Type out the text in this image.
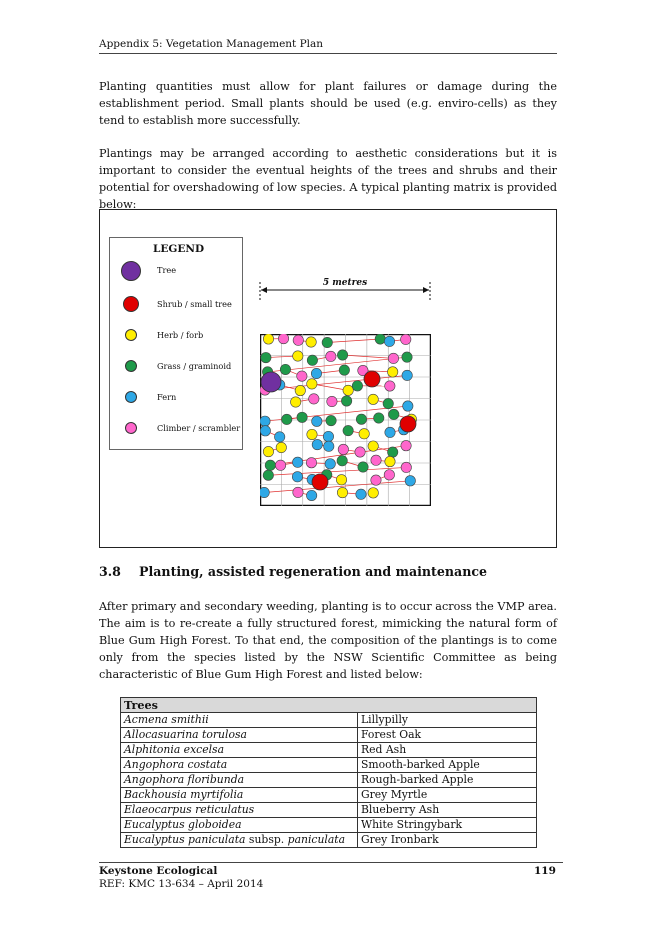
Appendix 5: Vegetation Management Plan

Planting quantities must allow for plant failures or damage during the establishment period. Small plants should be used (e.g. enviro-cells) as they tend to establish more successfully.

Plantings may be arranged according to aesthetic considerations but it is important to consider the eventual heights of the trees and shrubs and their potential for overshadowing of low species. A typical planting matrix is provided below:

LEGEND
Tree
Shrub / small tree
Herb / forb
Grass / graminoid
Fern
Climber / scrambler
5 metres
3.8 Planting, assisted regeneration and maintenance

After primary and secondary weeding, planting is to occur across the VMP area. The aim is to re-create a fully structured forest, mimicking the natural form of Blue Gum High Forest. To that end, the composition of the plantings is to come only from the species listed by the NSW Scientific Committee as being characteristic of Blue Gum High Forest and listed below:

Trees	
Acmena smithii	Lillypilly
Allocasuarina torulosa	Forest Oak
Alphitonia excelsa	Red Ash
Angophora costata	Smooth-barked Apple
Angophora floribunda	Rough-barked Apple
Backhousia myrtifolia	Grey Myrtle
Elaeocarpus reticulatus	Blueberry Ash
Eucalyptus globoidea	White Stringybark
Eucalyptus paniculata subsp. paniculata	Grey Ironbark
Keystone Ecological	119
REF: KMC 13-634 – April 2014
